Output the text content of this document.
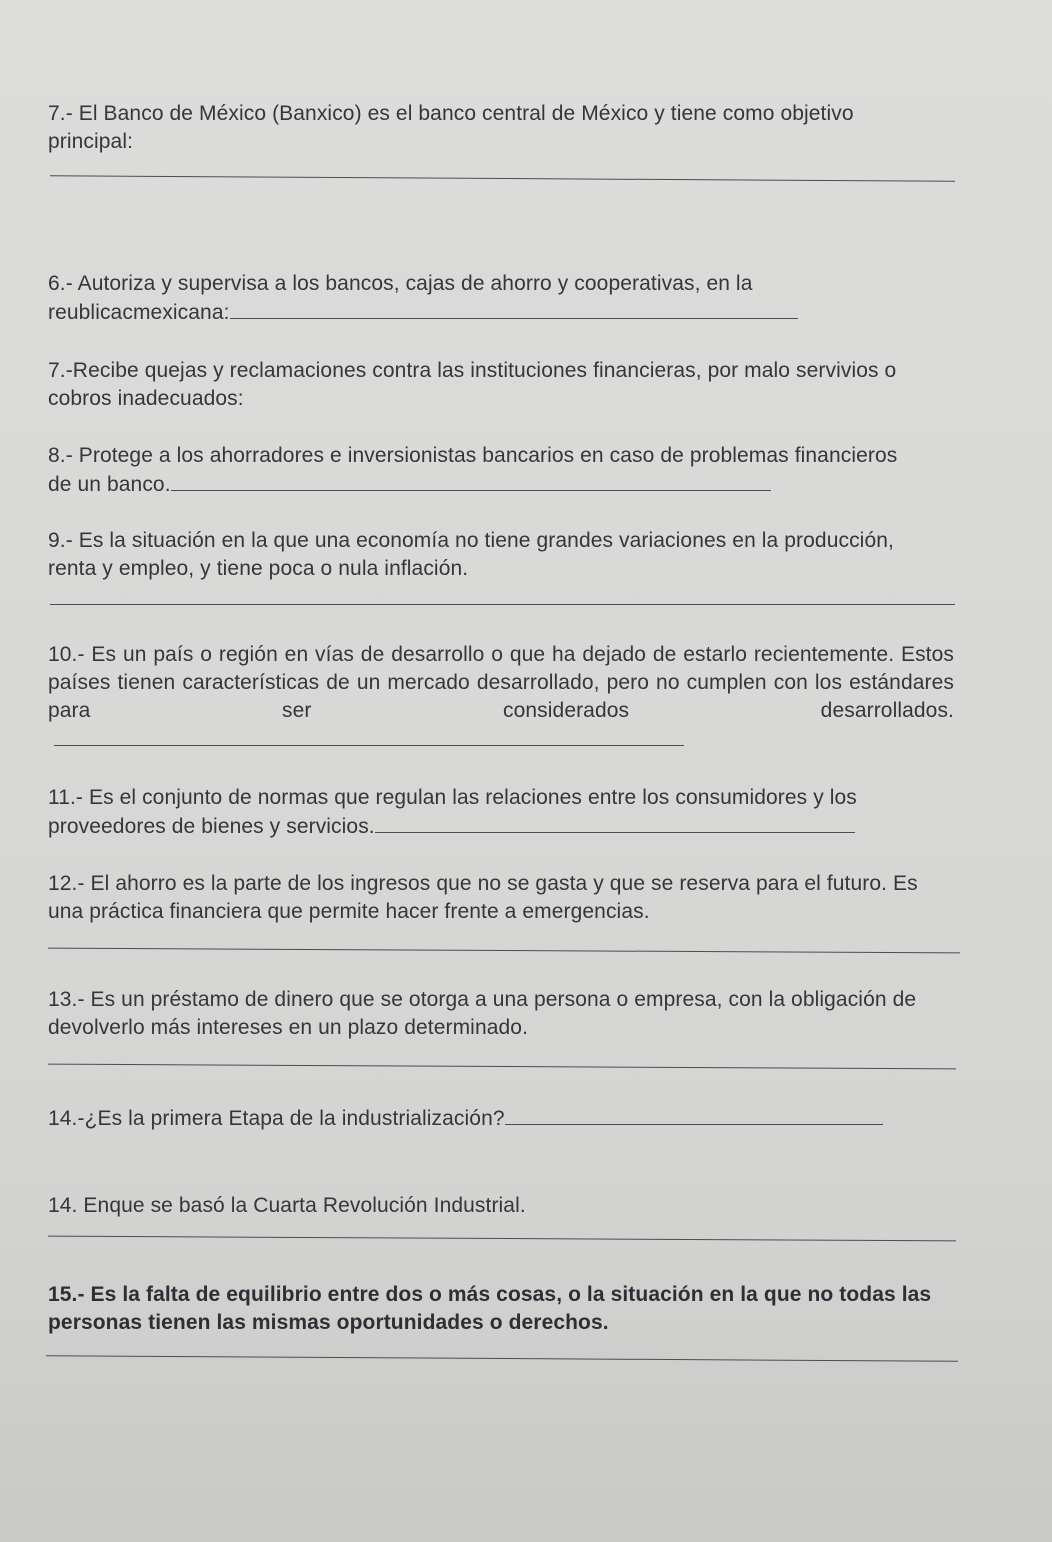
7.- El Banco de México (Banxico) es el banco central de México y tiene como objetivo principal:

6.- Autoriza y supervisa a los bancos, cajas de ahorro y cooperativas, en la reublicacmexicana:

7.-Recibe quejas y reclamaciones contra las instituciones financieras, por malo servivios o cobros inadecuados:

8.- Protege a los ahorradores e inversionistas bancarios en caso de problemas financieros de un banco.

9.- Es la situación en la que una economía no tiene grandes variaciones en la producción, renta y empleo, y tiene poca o nula inflación.

10.- Es un país o región en vías de desarrollo o que ha dejado de estarlo recientemente. Estos países tienen características de un mercado desarrollado, pero no cumplen con los estándares para ser considerados desarrollados.

11.- Es el conjunto de normas que regulan las relaciones entre los consumidores y los proveedores de bienes y servicios.

12.- El ahorro es la parte de los ingresos que no se gasta y que se reserva para el futuro. Es una práctica financiera que permite hacer frente a emergencias.

13.- Es un préstamo de dinero que se otorga a una persona o empresa, con la obligación de devolverlo más intereses en un plazo determinado.

14.-¿Es la primera Etapa de la industrialización?

14. Enque se basó la Cuarta Revolución Industrial.

15.- Es la falta de equilibrio entre dos o más cosas, o la situación en la que no todas las personas tienen las mismas oportunidades o derechos.
